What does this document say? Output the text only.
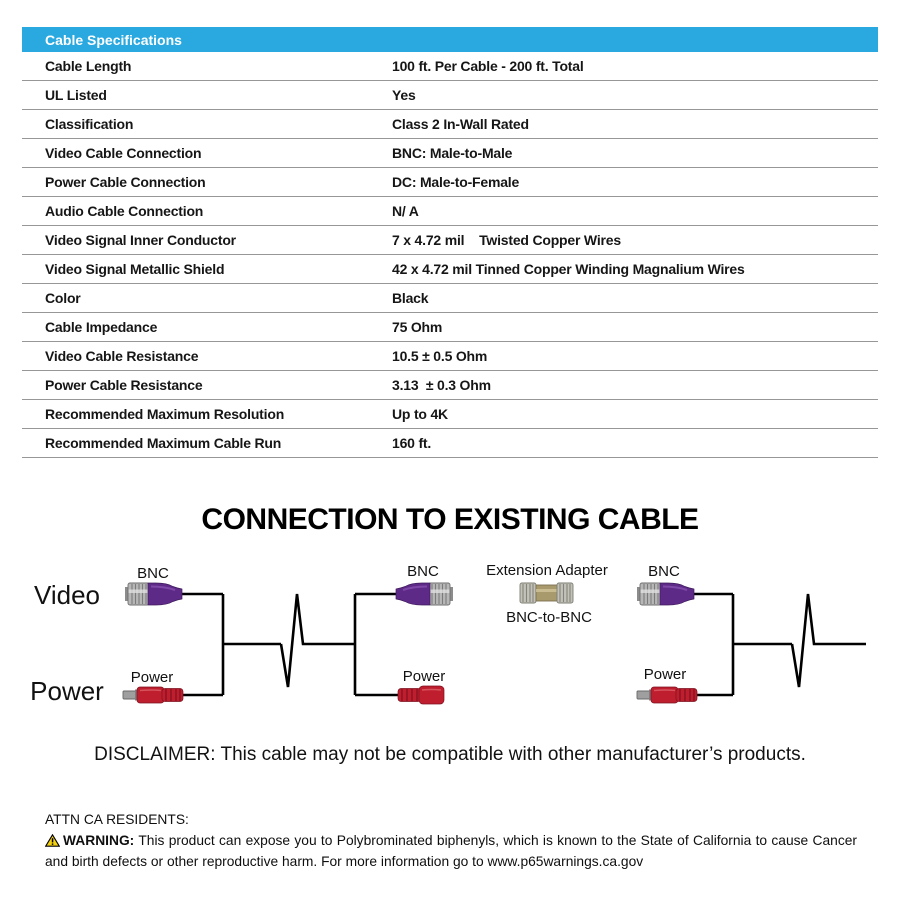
Cable Specifications
Cable Length	100 ft. Per Cable - 200 ft. Total
UL Listed	Yes
Classification	Class 2 In-Wall Rated
Video Cable Connection	BNC: Male-to-Male
Power Cable Connection	DC: Male-to-Female
Audio Cable Connection	N/ A
Video Signal Inner Conductor	7 x 4.72 mil    Twisted Copper Wires
Video Signal Metallic Shield	42 x 4.72 mil Tinned Copper Winding Magnalium Wires
Color	Black
Cable Impedance	75 Ohm
Video Cable Resistance	10.5 ± 0.5 Ohm
Power Cable Resistance	3.13  ± 0.3 Ohm
Recommended Maximum Resolution	Up to 4K
Recommended Maximum Cable Run	160 ft.
CONNECTION TO EXISTING CABLE
Video
Power
BNC	BNC	BNC
Power	Power	Power
Extension Adapter
BNC-to-BNC
DISCLAIMER: This cable may not be compatible with other manufacturer’s products.
ATTN CA RESIDENTS:
WARNING: This product can expose you to Polybrominated biphenyls, which is known to the State of California to cause Cancer and birth defects or other reproductive harm. For more information go to www.p65warnings.ca.gov
